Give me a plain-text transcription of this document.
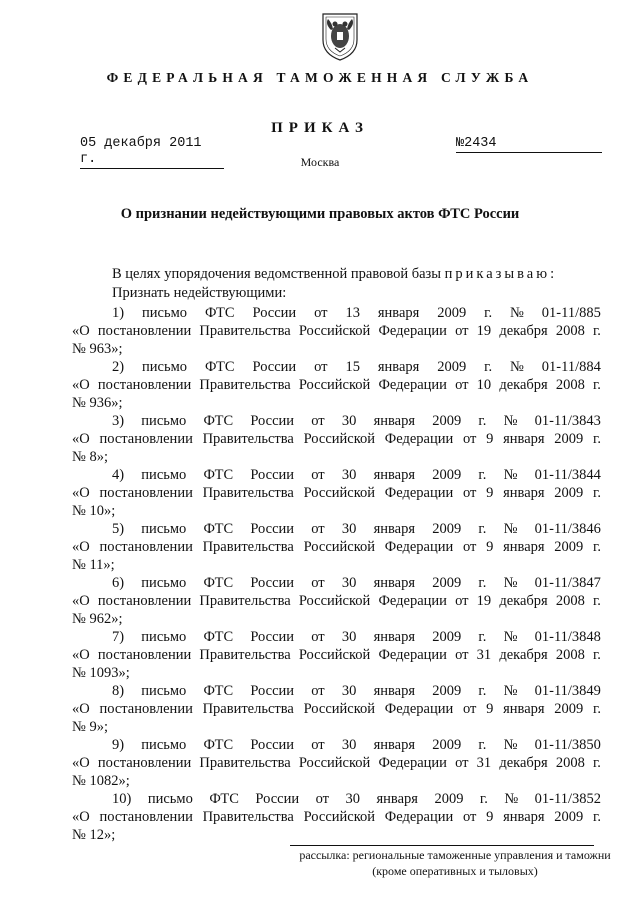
ФЕДЕРАЛЬНАЯ ТАМОЖЕННАЯ СЛУЖБА
ПРИКАЗ
05 декабря 2011 г.
№2434
Москва
О признании недействующими правовых актов ФТС России
В целях упорядочения ведомственной правовой базы приказываю:
Признать недействующими:
1) письмо ФТС России от 13 января 2009 г. № 01-11/885
«О постановлении Правительства Российской Федерации от 19 декабря 2008 г.
№ 963»;
2) письмо ФТС России от 15 января 2009 г. № 01-11/884
«О постановлении Правительства Российской Федерации от 10 декабря 2008 г.
№ 936»;
3) письмо ФТС России от 30 января 2009 г. № 01-11/3843
«О постановлении Правительства Российской Федерации от 9 января 2009 г.
№ 8»;
4) письмо ФТС России от 30 января 2009 г. № 01-11/3844
«О постановлении Правительства Российской Федерации от 9 января 2009 г.
№ 10»;
5) письмо ФТС России от 30 января 2009 г. № 01-11/3846
«О постановлении Правительства Российской Федерации от 9 января 2009 г.
№ 11»;
6) письмо ФТС России от 30 января 2009 г. № 01-11/3847
«О постановлении Правительства Российской Федерации от 19 декабря 2008 г.
№ 962»;
7) письмо ФТС России от 30 января 2009 г. № 01-11/3848
«О постановлении Правительства Российской Федерации от 31 декабря 2008 г.
№ 1093»;
8) письмо ФТС России от 30 января 2009 г. № 01-11/3849
«О постановлении Правительства Российской Федерации от 9 января 2009 г.
№ 9»;
9) письмо ФТС России от 30 января 2009 г. № 01-11/3850
«О постановлении Правительства Российской Федерации от 31 декабря 2008 г.
№ 1082»;
10) письмо ФТС России от 30 января 2009 г. № 01-11/3852
«О постановлении Правительства Российской Федерации от 9 января 2009 г.
№ 12»;
рассылка: региональные таможенные управления и таможни
(кроме оперативных и тыловых)
